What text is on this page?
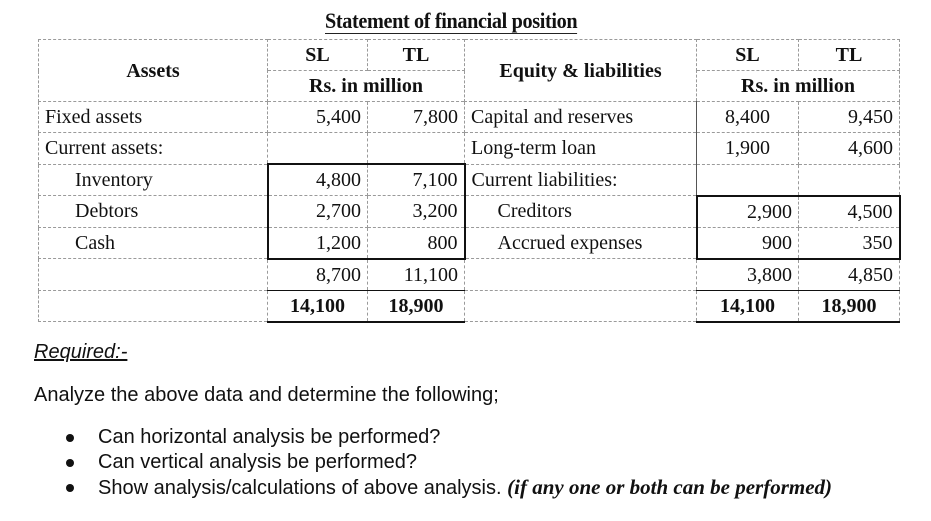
Statement of financial position
Assets	SL	TL	Equity & liabilities	SL	TL
	Rs. in million			Rs. in million	
Fixed assets	5,400	7,800	Capital and reserves	8,400	9,450
Current assets:			Long-term loan	1,900	4,600
Inventory	4,800	7,100	Current liabilities:		
Debtors	2,700	3,200	Creditors	2,900	4,500
Cash	1,200	800	Accrued expenses	900	350
	8,700	11,100		3,800	4,850
	14,100	18,900		14,100	18,900
Required:-
Analyze the above data and determine the following;
Can horizontal analysis be performed?
Can vertical analysis be performed?
Show analysis/calculations of above analysis. (if any one or both can be performed)
